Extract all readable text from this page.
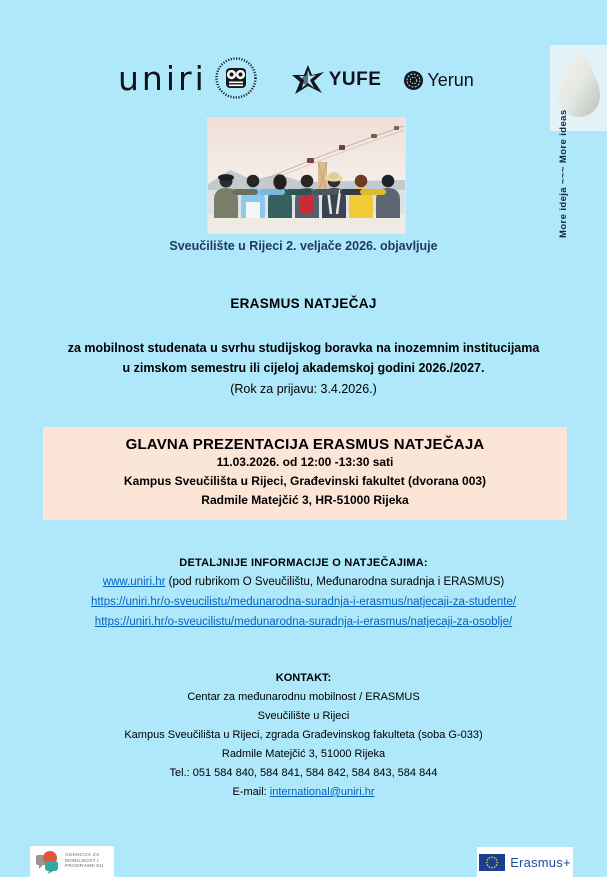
More ideja ~~~ More ideas
uniri	YUFE	Yerun
Sveučilište u Rijeci 2. veljače 2026. objavljuje
ERASMUS NATJEČAJ
za mobilnost studenata u svrhu studijskog boravka na inozemnim institucijama
u zimskom semestru ili cijeloj akademskoj godini 2026./2027.
(Rok za prijavu: 3.4.2026.)
GLAVNA PREZENTACIJA ERASMUS NATJEČAJA
11.03.2026. od 12:00 -13:30 sati
Kampus Sveučilišta u Rijeci, Građevinski fakultet (dvorana 003)
Radmile Matejčić 3, HR-51000 Rijeka
DETALJNIJE INFORMACIJE O NATJEČAJIMA:
www.uniri.hr (pod rubrikom O Sveučilištu, Međunarodna suradnja i ERASMUS)
https://uniri.hr/o-sveucilistu/medunarodna-suradnja-i-erasmus/natjecaji-za-studente/
https://uniri.hr/o-sveucilistu/medunarodna-suradnja-i-erasmus/natjecaji-za-osoblje/
KONTAKT:
Centar za međunarodnu mobilnost / ERASMUS
Sveučilište u Rijeci
Kampus Sveučilišta u Rijeci, zgrada Građevinskog fakulteta (soba G-033)
Radmile Matejčić 3, 51000 Rijeka
Tel.: 051 584 840, 584 841, 584 842, 584 843, 584 844
E-mail: international@uniri.hr
AGENCIJA ZA
MOBILNOST I
PROGRAME EU	Erasmus+
